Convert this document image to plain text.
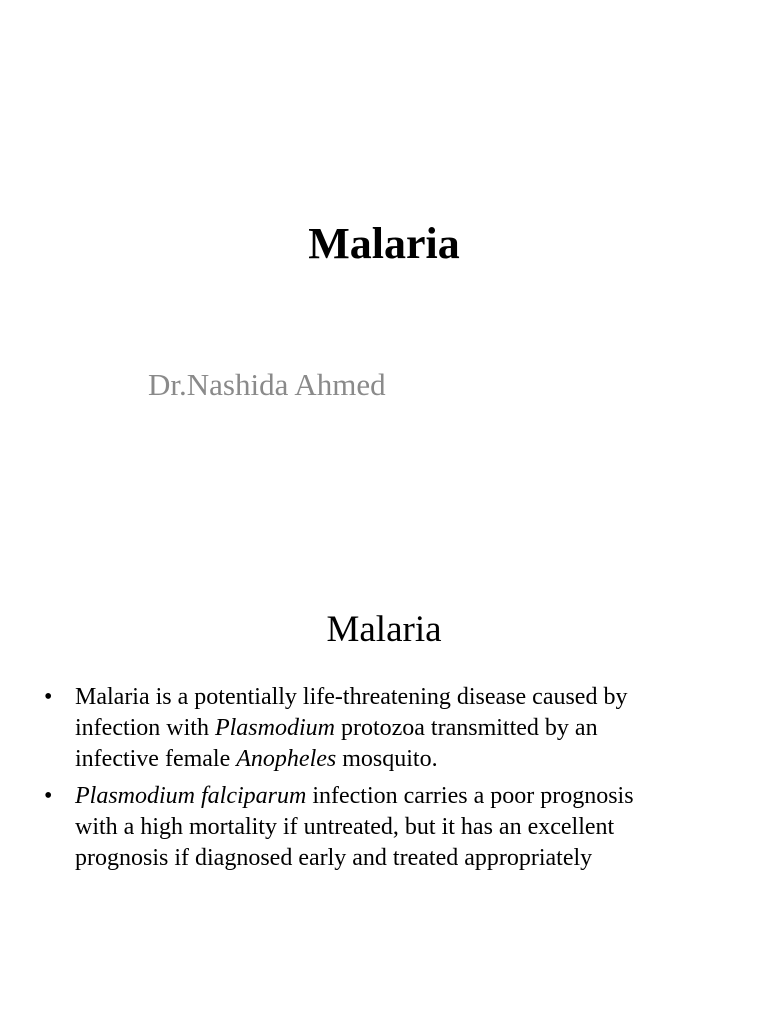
Malaria

Dr.Nashida Ahmed

Malaria
• Malaria is a potentially life-threatening disease caused by
infection with Plasmodium protozoa transmitted by an
infective female Anopheles mosquito.
• Plasmodium falciparum infection carries a poor prognosis
with a high mortality if untreated, but it has an excellent
prognosis if diagnosed early and treated appropriately
